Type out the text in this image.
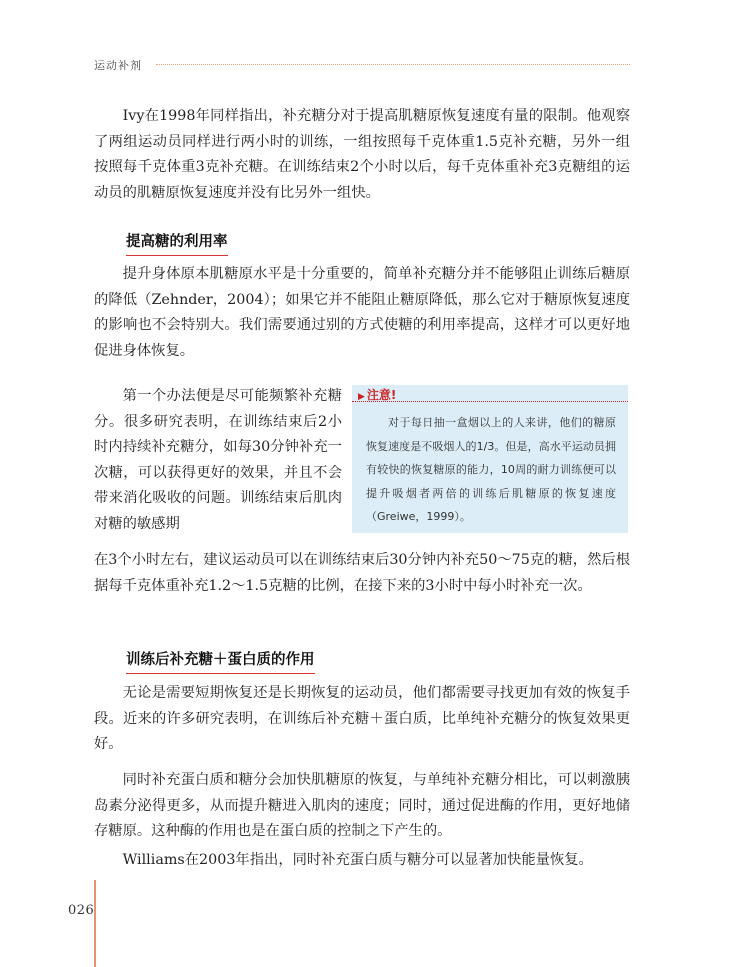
运动补剂

Ivy在1998年同样指出，补充糖分对于提高肌糖原恢复速度有量的限制。他观察了两组运动员同样进行两小时的训练，一组按照每千克体重1.5克补充糖，另外一组按照每千克体重3克补充糖。在训练结束2个小时以后，每千克体重补充3克糖组的运动员的肌糖原恢复速度并没有比另外一组快。

提高糖的利用率

提升身体原本肌糖原水平是十分重要的，简单补充糖分并不能够阻止训练后糖原的降低（Zehnder，2004）；如果它并不能阻止糖原降低，那么它对于糖原恢复速度的影响也不会特别大。我们需要通过别的方式使糖的利用率提高，这样才可以更好地促进身体恢复。

第一个办法便是尽可能频繁补充糖分。很多研究表明，在训练结束后2小时内持续补充糖分，如每30分钟补充一次糖，可以获得更好的效果，并且不会带来消化吸收的问题。训练结束后肌肉对糖的敏感期

▶ 注意!

对于每日抽一盒烟以上的人来讲，他们的糖原恢复速度是不吸烟人的1/3。但是，高水平运动员拥有较快的恢复糖原的能力，10周的耐力训练便可以提升吸烟者两倍的训练后肌糖原的恢复速度（Greiwe，1999）。

在3个小时左右，建议运动员可以在训练结束后30分钟内补充50～75克的糖，然后根据每千克体重补充1.2～1.5克糖的比例，在接下来的3小时中每小时补充一次。

训练后补充糖＋蛋白质的作用

无论是需要短期恢复还是长期恢复的运动员，他们都需要寻找更加有效的恢复手段。近来的许多研究表明，在训练后补充糖＋蛋白质，比单纯补充糖分的恢复效果更好。

同时补充蛋白质和糖分会加快肌糖原的恢复，与单纯补充糖分相比，可以刺激胰岛素分泌得更多，从而提升糖进入肌肉的速度；同时，通过促进酶的作用，更好地储存糖原。这种酶的作用也是在蛋白质的控制之下产生的。

Williams在2003年指出，同时补充蛋白质与糖分可以显著加快能量恢复。

026
